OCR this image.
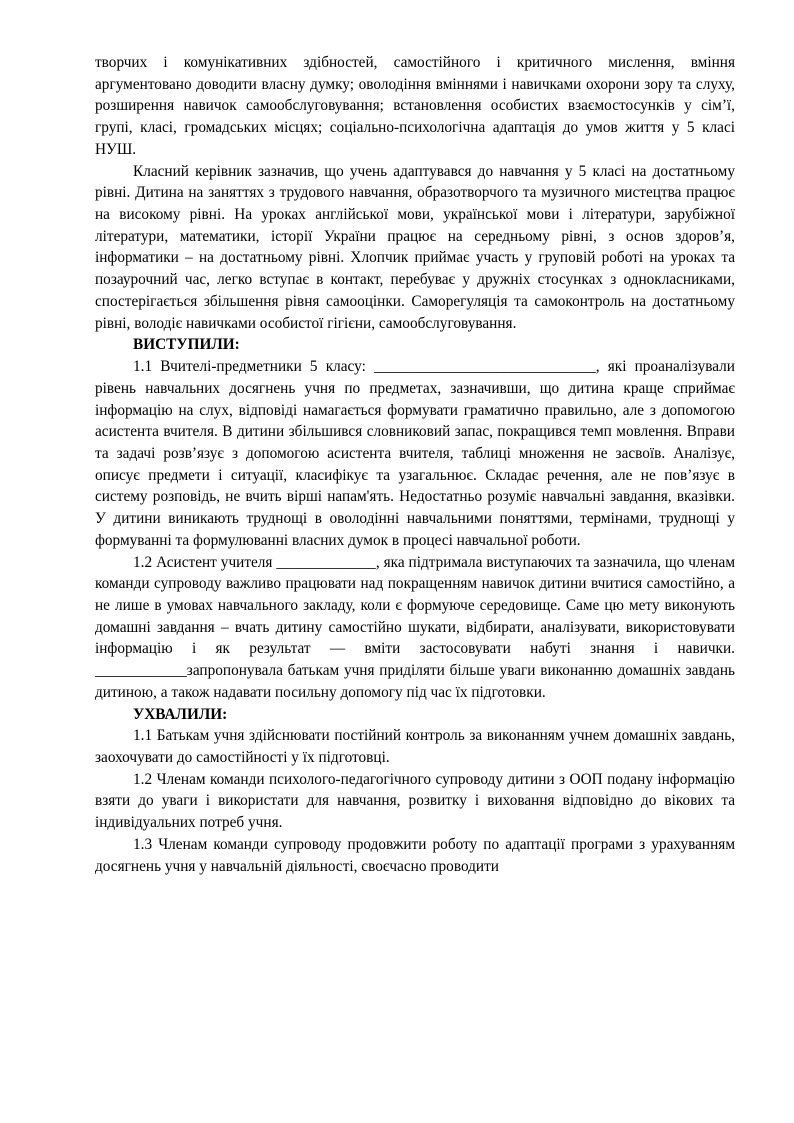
творчих і комунікативних здібностей, самостійного і критичного мислення, вміння аргументовано доводити власну думку; оволодіння вміннями і навичками охорони зору та слуху, розширення навичок самообслуговування; встановлення особистих взаємостосунків у сім’ї, групі, класі, громадських місцях; соціально-психологічна адаптація до умов життя у 5 класі НУШ.

Класний керівник зазначив, що учень адаптувався до навчання у 5 класі на достатньому рівні. Дитина на заняттях з трудового навчання, образотворчого та музичного мистецтва працює на високому рівні. На уроках англійської мови, української мови і літератури, зарубіжної літератури, математики, історії України працює на середньому рівні, з основ здоров’я, інформатики – на достатньому рівні. Хлопчик приймає участь у груповій роботі на уроках та позаурочний час, легко вступає в контакт, перебуває у дружніх стосунках з однокласниками, спостерігається збільшення рівня самооцінки. Саморегуляція та самоконтроль на достатньому рівні, володіє навичками особистої гігієни, самообслуговування.

ВИСТУПИЛИ:

1.1 Вчителі-предметники 5 класу: _____________________________, які проаналізували рівень навчальних досягнень учня по предметах, зазначивши, що дитина краще сприймає інформацію на слух, відповіді намагається формувати граматично правильно, але з допомогою асистента вчителя. В дитини збільшився словниковий запас, покращився темп мовлення. Вправи та задачі розв’язує з допомогою асистента вчителя, таблиці множення не засвоїв. Аналізує, описує предмети і ситуації, класифікує та узагальнює. Складає речення, але не пов’язує в систему розповідь, не вчить вірші напам'ять. Недостатньо розуміє навчальні завдання, вказівки. У дитини виникають труднощі в оволодінні навчальними поняттями, термінами, труднощі у формуванні та формулюванні власних думок в процесі навчальної роботи.

1.2 Асистент учителя _____________, яка підтримала виступаючих та зазначила, що членам команди супроводу важливо працювати над покращенням навичок дитини вчитися самостійно, а не лише в умовах навчального закладу, коли є формуюче середовище. Саме цю мету виконують домашні завдання – вчать дитину самостійно шукати, відбирати, аналізувати, використовувати інформацію і як результат — вміти застосовувати набуті знання і навички. ____________запропонувала батькам учня приділяти більше уваги виконанню домашніх завдань дитиною, а також надавати посильну допомогу під час їх підготовки.

УХВАЛИЛИ:

1.1 Батькам учня здійснювати постійний контроль за виконанням учнем домашніх завдань, заохочувати до самостійності у їх підготовці.

1.2 Членам команди психолого-педагогічного супроводу дитини з ООП подану інформацію взяти до уваги і використати для навчання, розвитку і виховання відповідно до вікових та індивідуальних потреб учня.

1.3 Членам команди супроводу продовжити роботу по адаптації програми з урахуванням досягнень учня у навчальній діяльності, своєчасно проводити
